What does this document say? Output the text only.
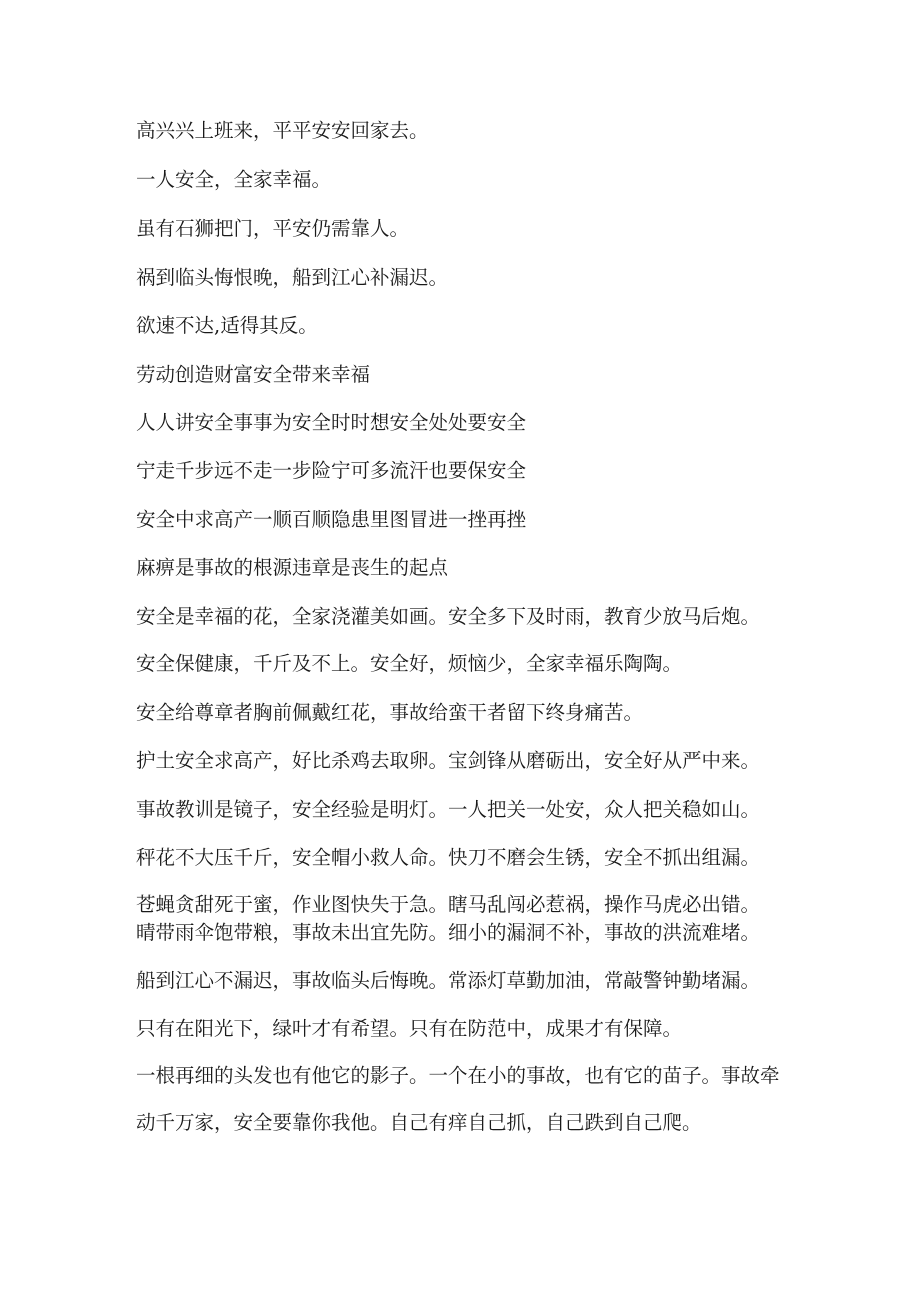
高兴兴上班来，平平安安回家去。

一人安全，全家幸福。

虽有石狮把门，平安仍需靠人。

祸到临头悔恨晚，船到江心补漏迟。

欲速不达,适得其反。

劳动创造财富安全带来幸福

人人讲安全事事为安全时时想安全处处要安全

宁走千步远不走一步险宁可多流汗也要保安全

安全中求高产一顺百顺隐患里图冒进一挫再挫

麻痹是事故的根源违章是丧生的起点

安全是幸福的花，全家浇灌美如画。安全多下及时雨，教育少放马后炮。

安全保健康，千斤及不上。安全好，烦恼少，全家幸福乐陶陶。

安全给尊章者胸前佩戴红花，事故给蛮干者留下终身痛苦。

护土安全求高产，好比杀鸡去取卵。宝剑锋从磨砺出，安全好从严中来。

事故教训是镜子，安全经验是明灯。一人把关一处安，众人把关稳如山。

秤花不大压千斤，安全帽小救人命。快刀不磨会生锈，安全不抓出组漏。

苍蝇贪甜死于蜜，作业图快失于急。瞎马乱闯必惹祸，操作马虎必出错。

晴带雨伞饱带粮，事故未出宜先防。细小的漏洞不补，事故的洪流难堵。

船到江心不漏迟，事故临头后悔晚。常添灯草勤加油，常敲警钟勤堵漏。

只有在阳光下，绿叶才有希望。只有在防范中，成果才有保障。

一根再细的头发也有他它的影子。一个在小的事故，也有它的苗子。事故牵

动千万家，安全要靠你我他。自己有痒自己抓，自己跌到自己爬。
